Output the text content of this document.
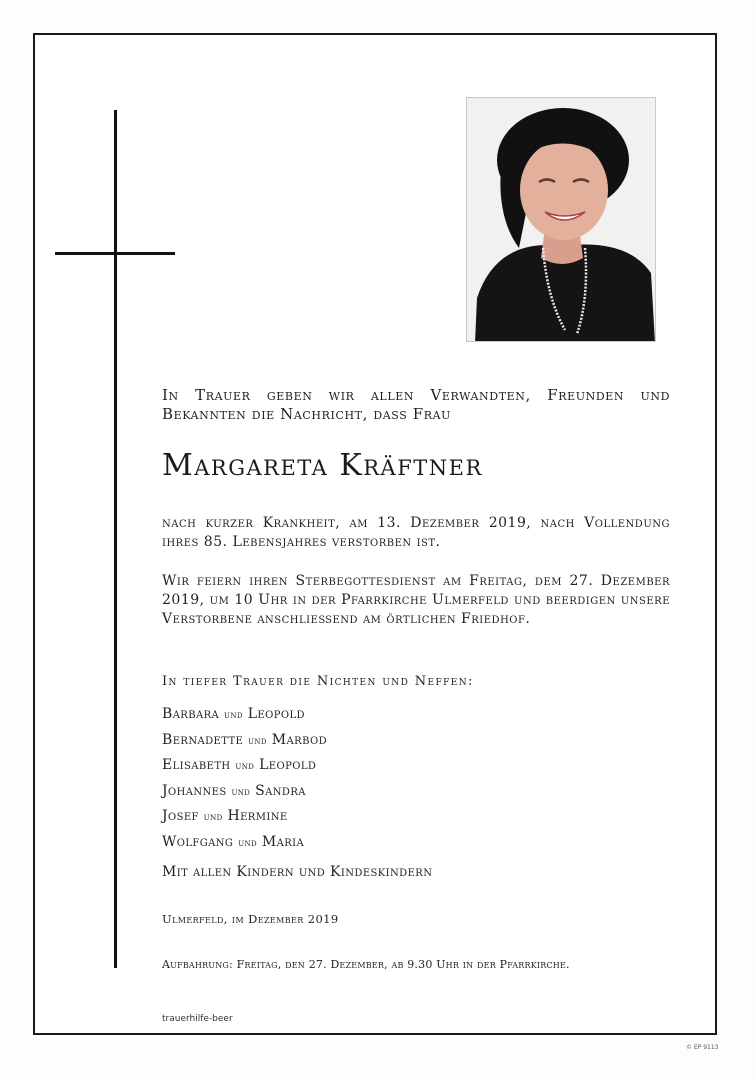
In Trauer geben wir allen Verwandten, Freunden und Bekannten die Nachricht, dass Frau
Margareta Kräftner
nach kurzer Krankheit, am 13. Dezember 2019, nach Vollendung ihres 85. Lebensjahres verstorben ist.
Wir feiern ihren Sterbegottesdienst am Freitag, dem 27. Dezember 2019, um 10 Uhr in der Pfarrkirche Ulmerfeld und beerdigen unsere Verstorbene anschließend am örtlichen Friedhof.
In tiefer Trauer die Nichten und Neffen:
Barbara und Leopold
Bernadette und Marbod
Elisabeth und Leopold
Johannes und Sandra
Josef und Hermine
Wolfgang und Maria
Mit allen Kindern und Kindeskindern
Ulmerfeld, im Dezember 2019
Aufbahrung: Freitag, den 27. Dezember, ab 9.30 Uhr in der Pfarrkirche.
trauerhilfe-beer
© EP 9113
